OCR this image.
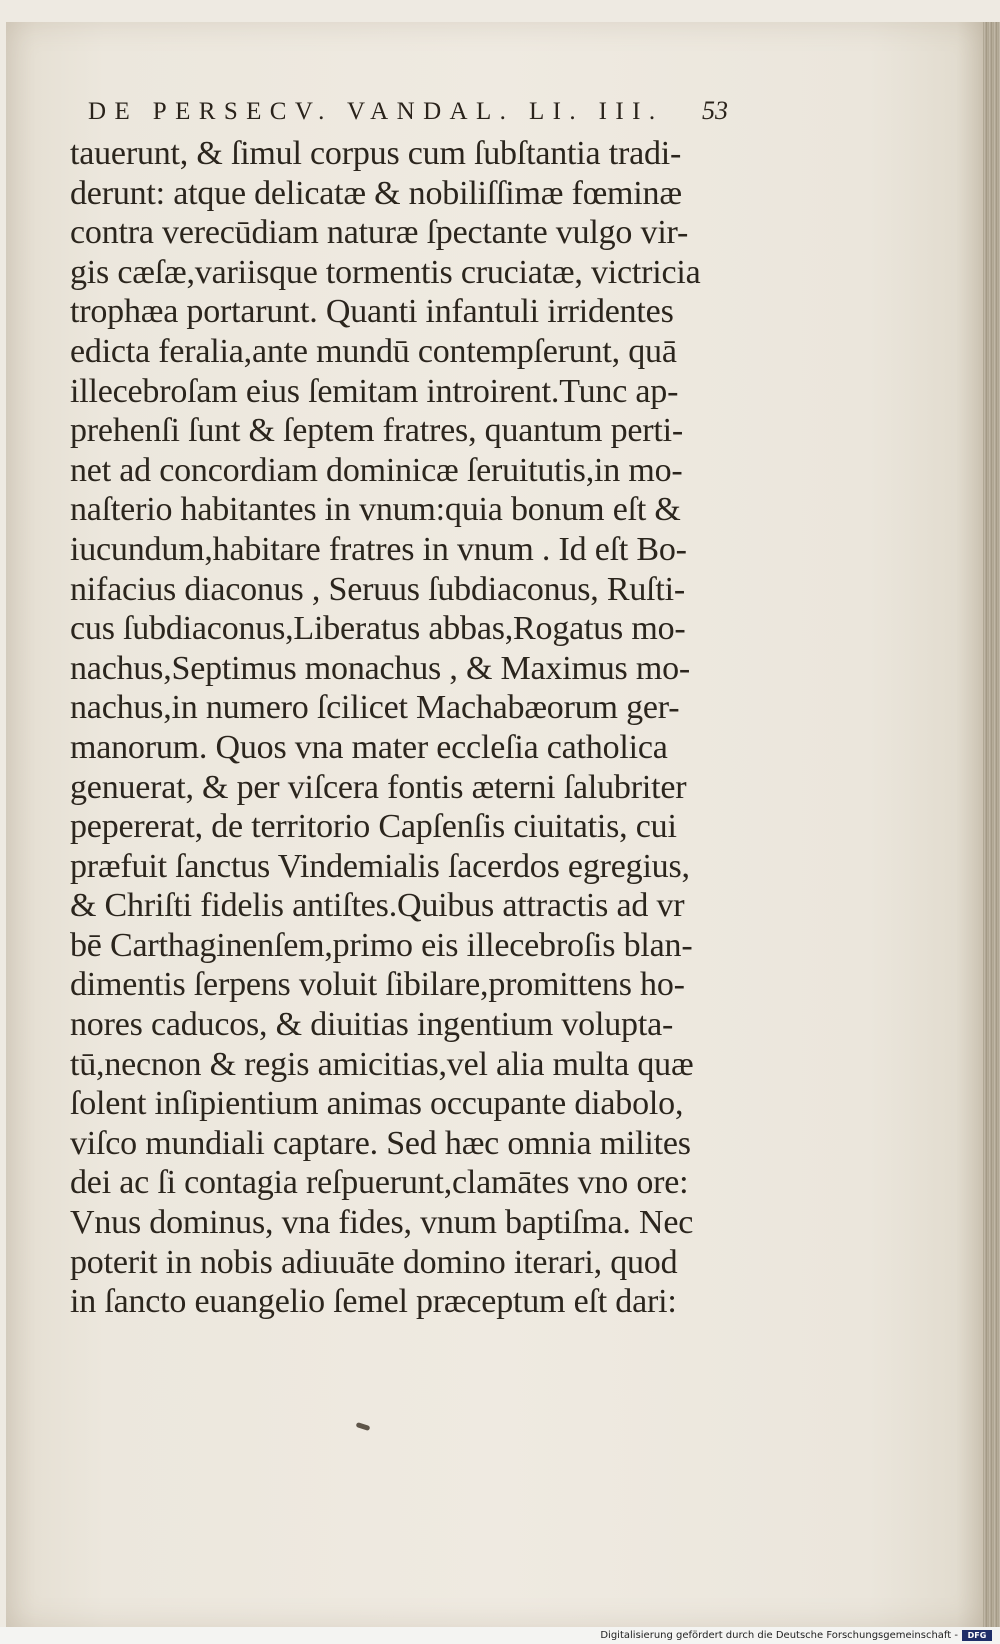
DE PERSECV. VANDAL. LI. III. 53
tauerunt, & ſimul corpus cum ſubſtantia tradi-
derunt: atque delicatæ & nobiliſſimæ fœminæ
contra verecūdiam naturæ ſpectante vulgo vir-
gis cæſæ,variisque tormentis cruciatæ, victricia
trophæa portarunt. Quanti infantuli irridentes
edicta feralia,ante mundū contempſerunt, quā
illecebroſam eius ſemitam introirent.Tunc ap-
prehenſi ſunt & ſeptem fratres, quantum perti-
net ad concordiam dominicæ ſeruitutis,in mo-
naſterio habitantes in vnum:quia bonum eſt &
iucundum,habitare fratres in vnum . Id eſt Bo-
nifacius diaconus , Seruus ſubdiaconus, Ruſti-
cus ſubdiaconus,Liberatus abbas,Rogatus mo-
nachus,Septimus monachus , & Maximus mo-
nachus,in numero ſcilicet Machabæorum ger-
manorum. Quos vna mater eccleſia catholica
genuerat, & per viſcera fontis æterni ſalubriter
pepererat, de territorio Capſenſis ciuitatis, cui
præfuit ſanctus Vindemialis ſacerdos egregius,
& Chriſti fidelis antiſtes.Quibus attractis ad vr
bē Carthaginenſem,primo eis illecebroſis blan-
dimentis ſerpens voluit ſibilare,promittens ho-
nores caducos, & diuitias ingentium volupta-
tū,necnon & regis amicitias,vel alia multa quæ
ſolent inſipientium animas occupante diabolo,
viſco mundiali captare. Sed hæc omnia milites
dei ac ſi contagia reſpuerunt,clamātes vno ore:
Vnus dominus, vna fides, vnum baptiſma. Nec
poterit in nobis adiuuāte domino iterari, quod
in ſancto euangelio ſemel præceptum eſt dari:
Digitalisierung gefördert durch die Deutsche Forschungsgemeinschaft -	DFG
